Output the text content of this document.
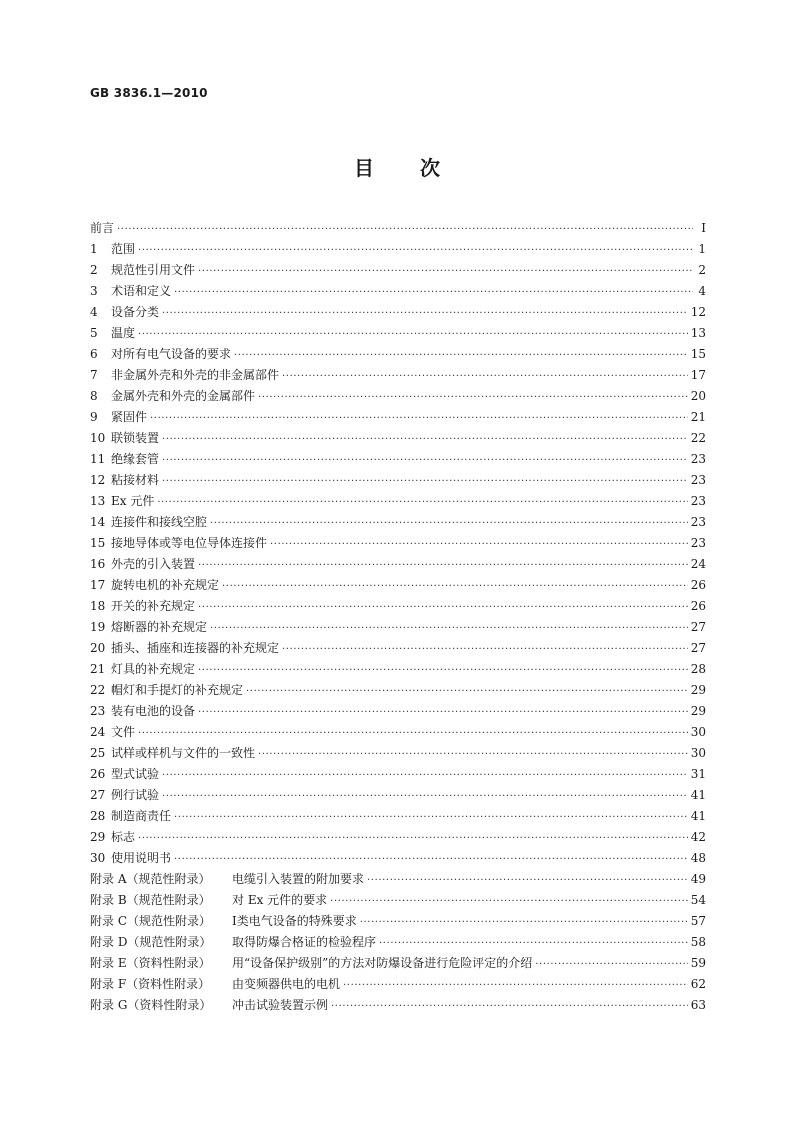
GB 3836.1—2010
目 次
前言 ·····	Ⅰ
1	范围 ·····	1
2	规范性引用文件 ·····	2
3	术语和定义 ·····	4
4	设备分类 ·····	12
5	温度 ·····	13
6	对所有电气设备的要求 ·····	15
7	非金属外壳和外壳的非金属部件 ·····	17
8	金属外壳和外壳的金属部件 ·····	20
9	紧固件 ·····	21
10 联锁装置 ·····	22
11 绝缘套管 ·····	23
12 粘接材料 ·····	23
13 Ex 元件 ·····	23
14 连接件和接线空腔 ·····	23
15 接地导体或等电位导体连接件 ·····	23
16 外壳的引入装置 ·····	24
17 旋转电机的补充规定 ·····	26
18 开关的补充规定 ·····	26
19 熔断器的补充规定 ·····	27
20 插头、插座和连接器的补充规定 ·····	27
21 灯具的补充规定 ·····	28
22 帽灯和手提灯的补充规定 ·····	29
23 装有电池的设备 ·····	29
24 文件 ·····	30
25 试样或样机与文件的一致性 ·····	30
26 型式试验 ·····	31
27 例行试验 ·····	41
28 制造商责任 ·····	41
29 标志 ·····	42
30 使用说明书 ·····	48
附录 A（规范性附录）	电缆引入装置的附加要求 ·····	49
附录 B（规范性附录）	对 Ex 元件的要求 ·····	54
附录 C（规范性附录）	Ⅰ类电气设备的特殊要求 ·····	57
附录 D（规范性附录）	取得防爆合格证的检验程序 ·····	58
附录 E（资料性附录）	用“设备保护级别”的方法对防爆设备进行危险评定的介绍 ·····	59
附录 F（资料性附录）	由变频器供电的电机 ·····	62
附录 G（资料性附录）	冲击试验装置示例 ·····	63
